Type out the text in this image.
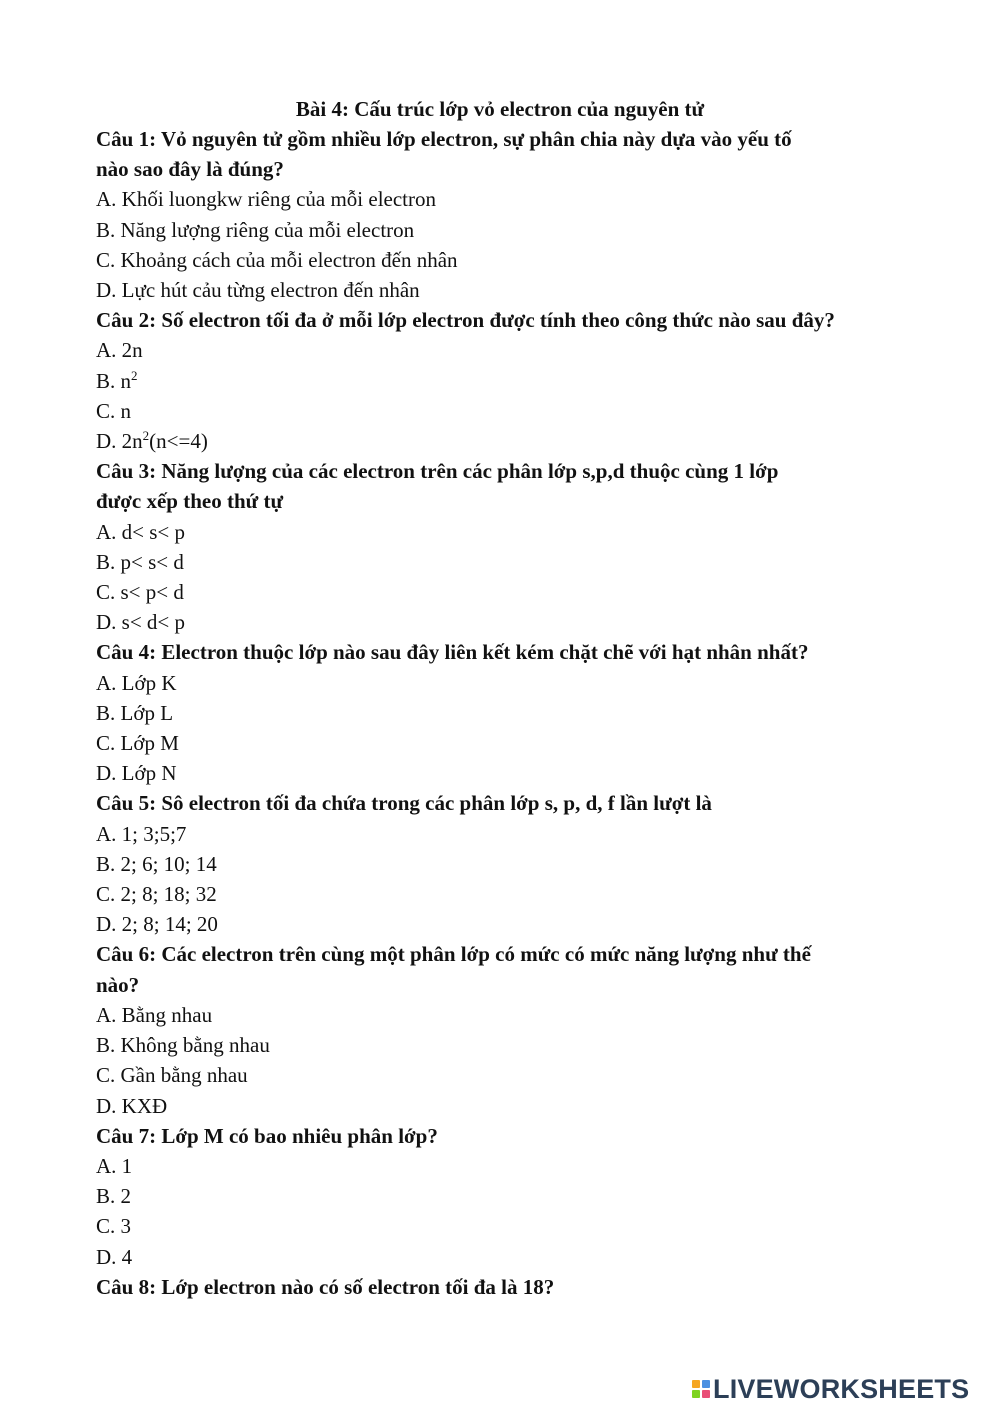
Bài 4: Cấu trúc lớp vỏ electron của nguyên tử
Câu 1: Vỏ nguyên tử gồm nhiều lớp electron, sự phân chia này dựa vào yếu tố
nào sao đây là đúng?
A. Khối luongkw riêng của mỗi electron
B. Năng lượng riêng của mỗi electron
C. Khoảng cách của mỗi electron đến nhân
D. Lực hút cảu từng electron đến nhân
Câu 2: Số electron tối đa ở mỗi lớp electron được tính theo công thức nào sau đây?
A. 2n
B. $n^2$
C. n
D. $2n^2(n<=4)$
Câu 3: Năng lượng của các electron trên các phân lớp s,p,d thuộc cùng 1 lớp
được xếp theo thứ tự
A. d< s< p
B. p< s< d
C. s< p< d
D. s< d< p
Câu 4: Electron thuộc lớp nào sau đây liên kết kém chặt chẽ với hạt nhân nhất?
A. Lớp K
B. Lớp L
C. Lớp M
D. Lớp N
Câu 5: Sô electron tối đa chứa trong các phân lớp s, p, d, f lần lượt là
A. 1; 3;5;7
B. 2; 6; 10; 14
C. 2; 8; 18; 32
D. 2; 8; 14; 20
Câu 6: Các electron trên cùng một phân lớp có mức có mức năng lượng như thế
nào?
A. Bằng nhau
B. Không bằng nhau
C. Gần bằng nhau
D. KXĐ
Câu 7: Lớp M có bao nhiêu phân lớp?
A. 1
B. 2
C. 3
D. 4
Câu 8: Lớp electron nào có số electron tối đa là 18?
LIVEWORKSHEETS
